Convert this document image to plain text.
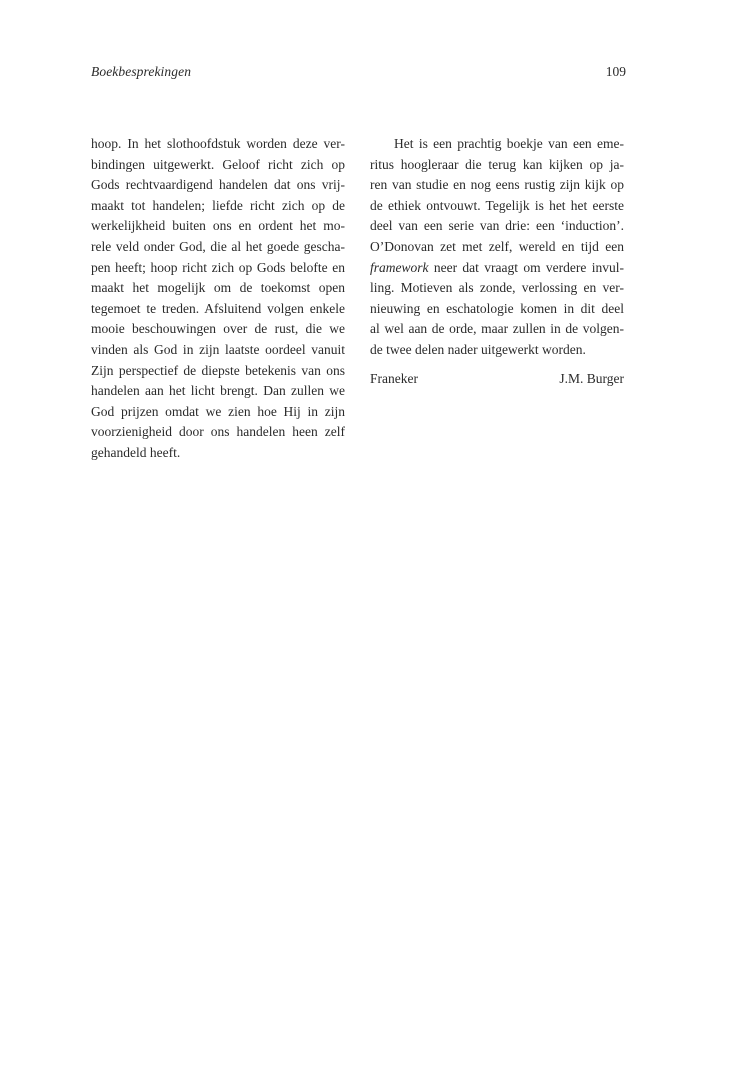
Boekbesprekingen	109
hoop. In het slothoofdstuk worden deze ver-
bindingen uitgewerkt. Geloof richt zich op
Gods rechtvaardigend handelen dat ons vrij-
maakt tot handelen; liefde richt zich op de
werkelijkheid buiten ons en ordent het mo-
rele veld onder God, die al het goede gescha-
pen heeft; hoop richt zich op Gods belofte en
maakt het mogelijk om de toekomst open
tegemoet te treden. Afsluitend volgen enkele
mooie beschouwingen over de rust, die we
vinden als God in zijn laatste oordeel vanuit
Zijn perspectief de diepste betekenis van ons
handelen aan het licht brengt. Dan zullen we
God prijzen omdat we zien hoe Hij in zijn
voorzienigheid door ons handelen heen zelf
gehandeld heeft.
Het is een prachtig boekje van een eme-
ritus hoogleraar die terug kan kijken op ja-
ren van studie en nog eens rustig zijn kijk op
de ethiek ontvouwt. Tegelijk is het het eerste
deel van een serie van drie: een ‘induction’.
O’Donovan zet met zelf, wereld en tijd een
framework neer dat vraagt om verdere invul-
ling. Motieven als zonde, verlossing en ver-
nieuwing en eschatologie komen in dit deel
al wel aan de orde, maar zullen in de volgen-
de twee delen nader uitgewerkt worden.
Franeker	J.M. Burger
